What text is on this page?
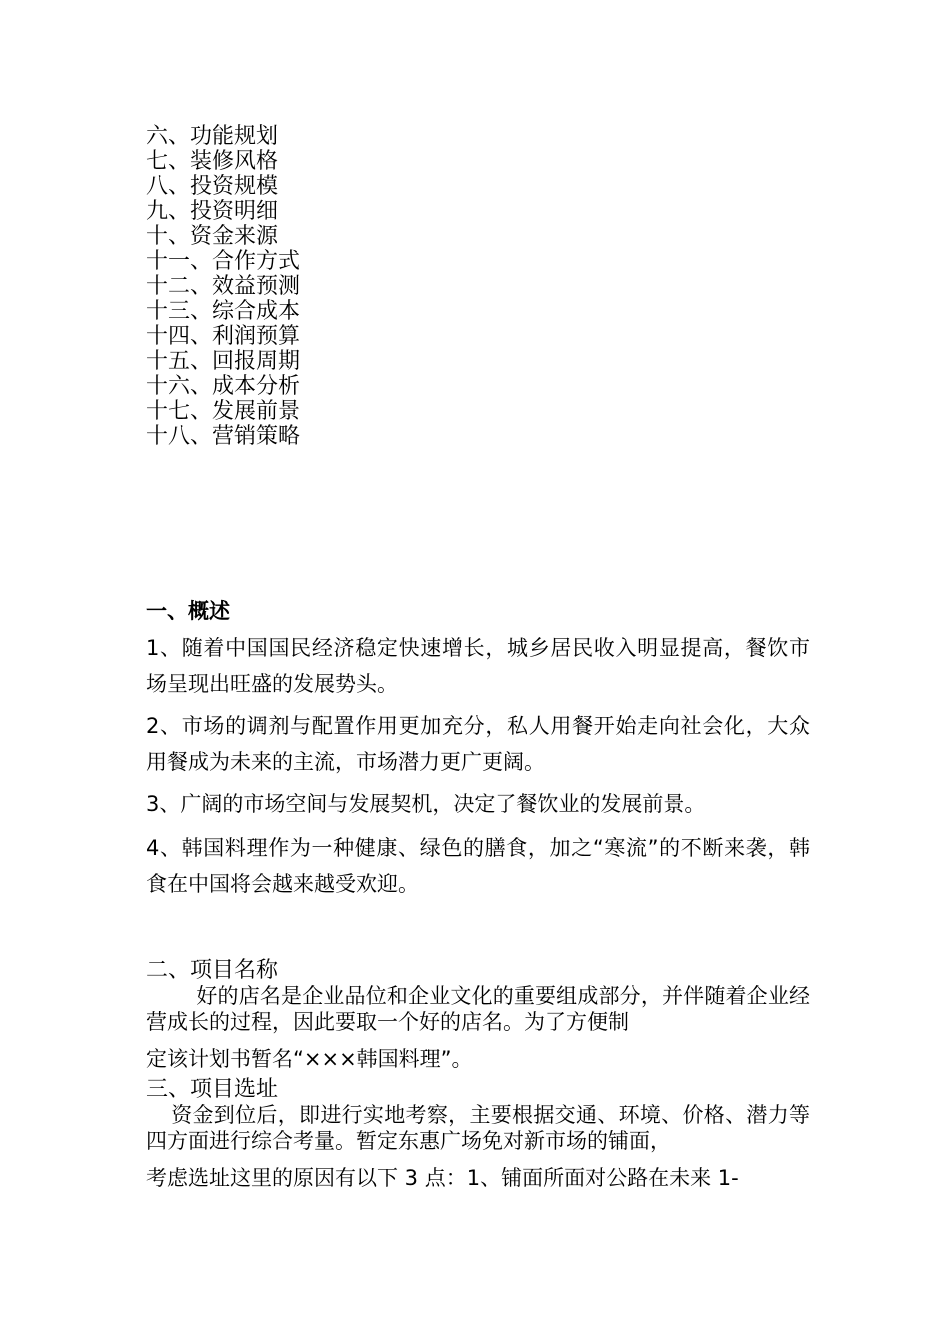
六、功能规划
七、装修风格
八、投资规模
九、投资明细
十、资金来源
十一、合作方式
十二、效益预测
十三、综合成本
十四、利润预算
十五、回报周期
十六、成本分析
十七、发展前景
十八、营销策略
一、概述

1、随着中国国民经济稳定快速增长，城乡居民收入明显提高，餐饮市场呈现出旺盛的发展势头。

2、市场的调剂与配置作用更加充分，私人用餐开始走向社会化，大众用餐成为未来的主流，市场潜力更广更阔。

3、广阔的市场空间与发展契机，决定了餐饮业的发展前景。

4、韩国料理作为一种健康、绿色的膳食，加之“寒流”的不断来袭，韩食在中国将会越来越受欢迎。

二、项目名称

好的店名是企业品位和企业文化的重要组成部分，并伴随着企业经营成长的过程，因此要取一个好的店名。为了方便制

定该计划书暂名“×××韩国料理”。

三、项目选址

资金到位后，即进行实地考察，主要根据交通、环境、价格、潜力等四方面进行综合考量。暂定东惠广场免对新市场的铺面，

考虑选址这里的原因有以下 3 点：1、铺面所面对公路在未来 1-
